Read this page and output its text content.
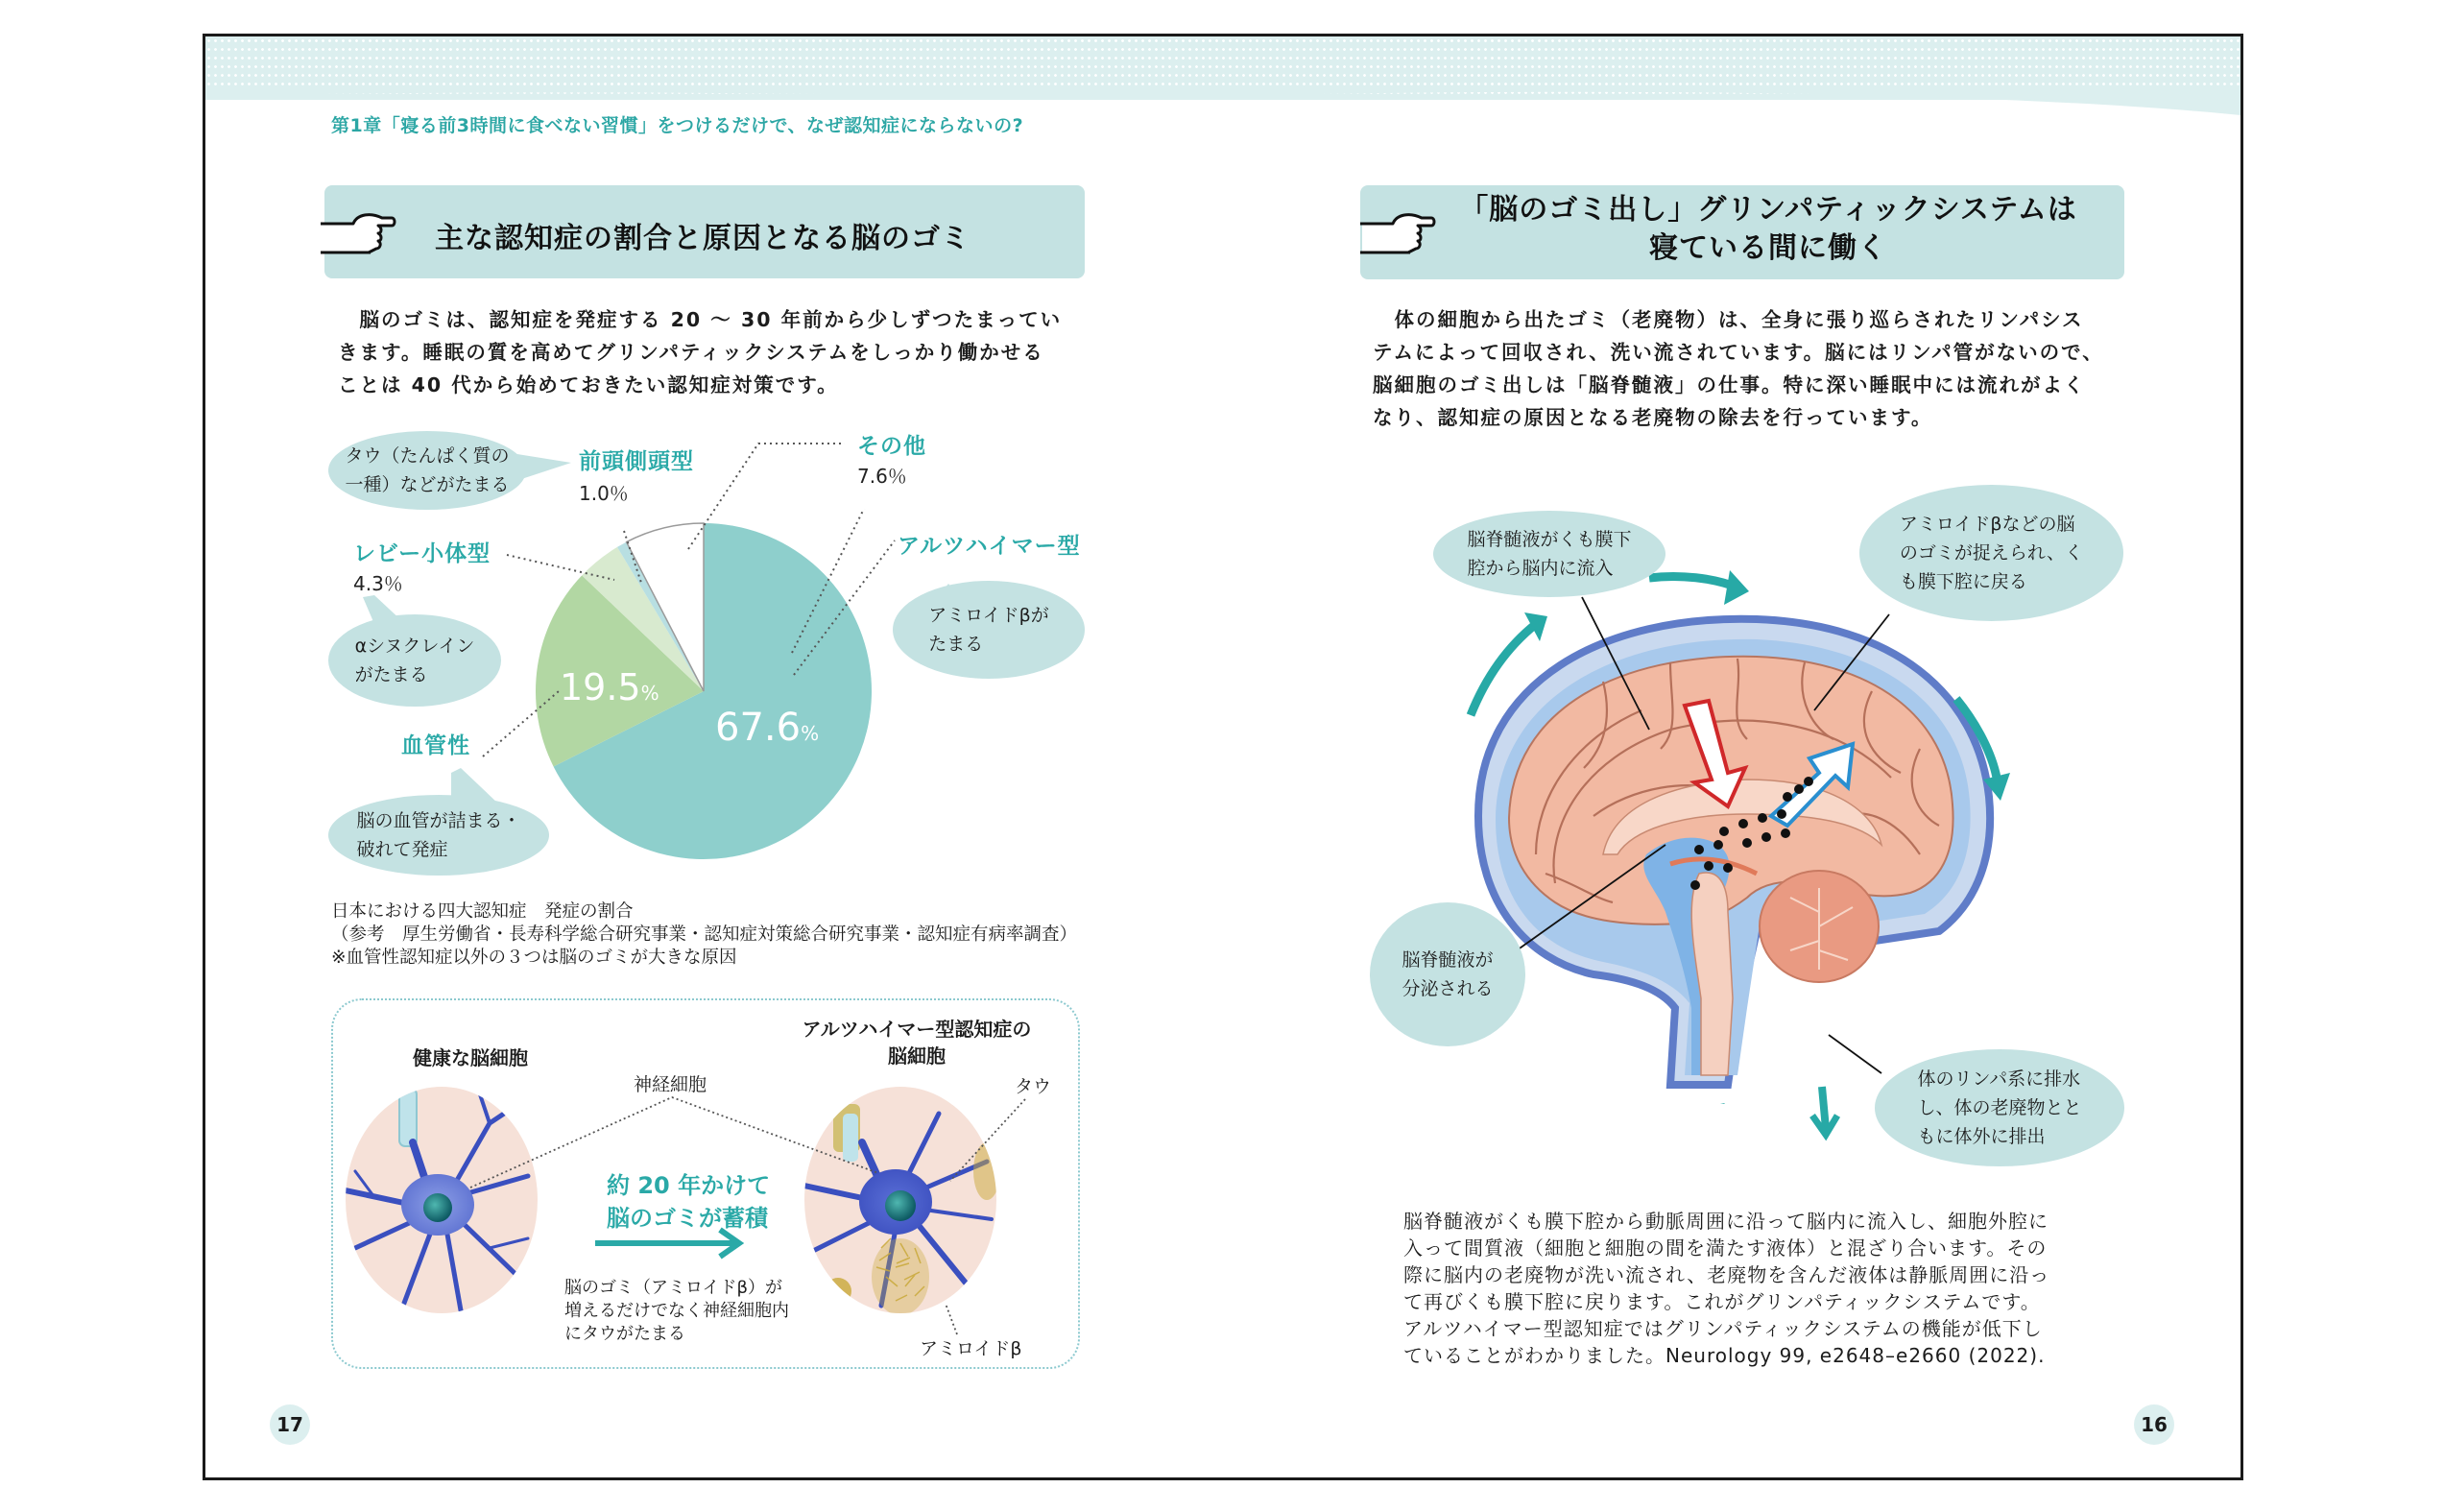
第1章「寝る前3時間に食べない習慣」をつけるだけで、なぜ認知症にならないの?
主な認知症の割合と原因となる脳のゴミ

　脳のゴミは、認知症を発症する 20 ～ 30 年前から少しずつたまってい

きます。睡眠の質を高めてグリンパティックシステムをしっかり働かせる

ことは 40 代から始めておきたい認知症対策です。

67.6%
19.5%
前頭側頭型
1.0％
その他
7.6％
アルツハイマー型
レビー小体型
4.3％
血管性
タウ（たんぱく質の
一種）などがたまる
αシヌクレイン
がたまる
脳の血管が詰まる・
破れて発症
アミロイドβが
たまる
日本における四大認知症　発症の割合
（参考　厚生労働省・長寿科学総合研究事業・認知症対策総合研究事業・認知症有病率調査）
※血管性認知症以外の３つは脳のゴミが大きな原因
健康な脳細胞
アルツハイマー型認知症の
脳細胞
神経細胞	タウ
アミロイドβ
約 20 年かけて
脳のゴミが蓄積
脳のゴミ（アミロイドβ）が
増えるだけでなく神経細胞内
にタウがたまる
17
「脳のゴミ出し」グリンパティックシステムは
寝ている間に働く

　体の細胞から出たゴミ（老廃物）は、全身に張り巡らされたリンパシス

テムによって回収され、洗い流されています。脳にはリンパ管がないので、

脳細胞のゴミ出しは「脳脊髄液」の仕事。特に深い睡眠中には流れがよく

なり、認知症の原因となる老廃物の除去を行っています。

脳脊髄液がくも膜下
腔から脳内に流入
アミロイドβなどの脳
のゴミが捉えられ、く
も膜下腔に戻る
脳脊髄液が
分泌される
体のリンパ系に排水
し、体の老廃物とと
もに体外に排出

脳脊髄液がくも膜下腔から動脈周囲に沿って脳内に流入し、細胞外腔に

入って間質液（細胞と細胞の間を満たす液体）と混ざり合います。その

際に脳内の老廃物が洗い流され、老廃物を含んだ液体は静脈周囲に沿っ

て再びくも膜下腔に戻ります。これがグリンパティックシステムです。

アルツハイマー型認知症ではグリンパティックシステムの機能が低下し

ていることがわかりました。Neurology 99, e2648–e2660 (2022).

16
